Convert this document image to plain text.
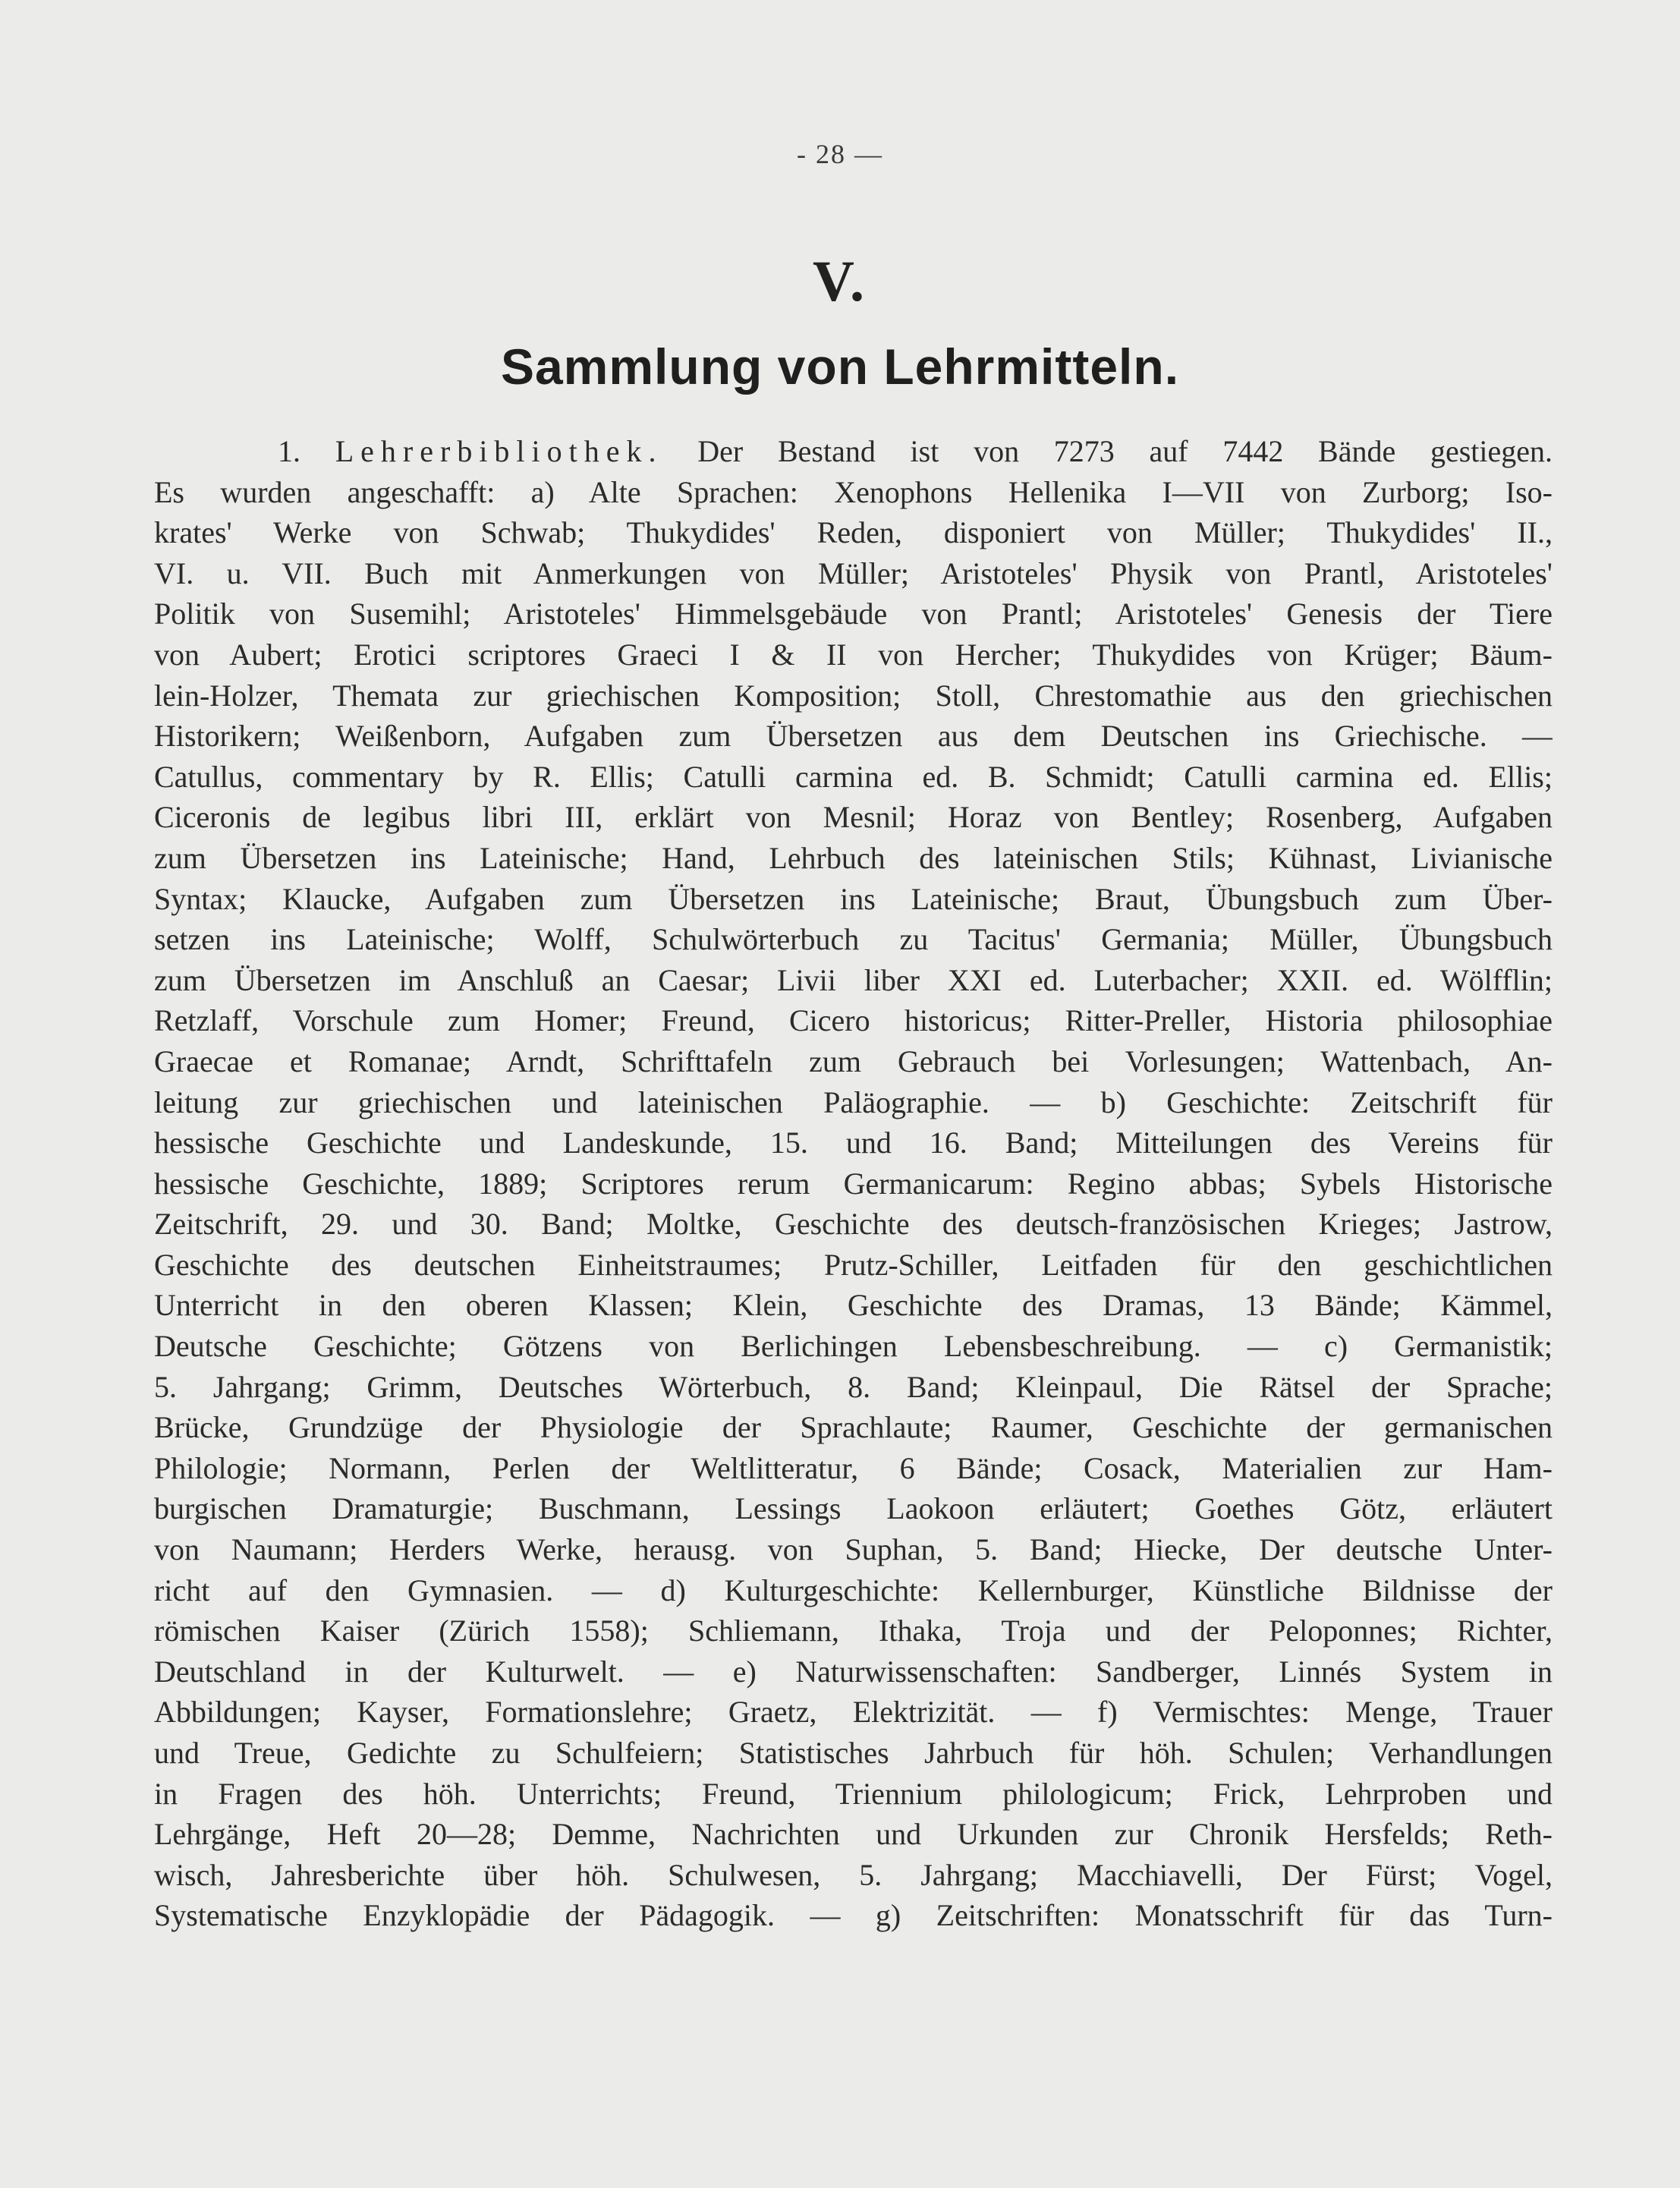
- 28 —
V.
Sammlung von Lehrmitteln.
1. Lehrerbibliothek. Der Bestand ist von 7273 auf 7442 Bände gestiegen.
Es wurden angeschafft: a) Alte Sprachen: Xenophons Hellenika I—VII von Zurborg; Iso-
krates' Werke von Schwab; Thukydides' Reden, disponiert von Müller; Thukydides' II.,
VI. u. VII. Buch mit Anmerkungen von Müller; Aristoteles' Physik von Prantl, Aristoteles'
Politik von Susemihl; Aristoteles' Himmelsgebäude von Prantl; Aristoteles' Genesis der Tiere
von Aubert; Erotici scriptores Graeci I & II von Hercher; Thukydides von Krüger; Bäum-
lein-Holzer, Themata zur griechischen Komposition; Stoll, Chrestomathie aus den griechischen
Historikern; Weißenborn, Aufgaben zum Übersetzen aus dem Deutschen ins Griechische. —
Catullus, commentary by R. Ellis; Catulli carmina ed. B. Schmidt; Catulli carmina ed. Ellis;
Ciceronis de legibus libri III, erklärt von Mesnil; Horaz von Bentley; Rosenberg, Aufgaben
zum Übersetzen ins Lateinische; Hand, Lehrbuch des lateinischen Stils; Kühnast, Livianische
Syntax; Klaucke, Aufgaben zum Übersetzen ins Lateinische; Braut, Übungsbuch zum Über-
setzen ins Lateinische; Wolff, Schulwörterbuch zu Tacitus' Germania; Müller, Übungsbuch
zum Übersetzen im Anschluß an Caesar; Livii liber XXI ed. Luterbacher; XXII. ed. Wölfflin;
Retzlaff, Vorschule zum Homer; Freund, Cicero historicus; Ritter-Preller, Historia philosophiae
Graecae et Romanae; Arndt, Schrifttafeln zum Gebrauch bei Vorlesungen; Wattenbach, An-
leitung zur griechischen und lateinischen Paläographie. — b) Geschichte: Zeitschrift für
hessische Geschichte und Landeskunde, 15. und 16. Band; Mitteilungen des Vereins für
hessische Geschichte, 1889; Scriptores rerum Germanicarum: Regino abbas; Sybels Historische
Zeitschrift, 29. und 30. Band; Moltke, Geschichte des deutsch-französischen Krieges; Jastrow,
Geschichte des deutschen Einheitstraumes; Prutz-Schiller, Leitfaden für den geschichtlichen
Unterricht in den oberen Klassen; Klein, Geschichte des Dramas, 13 Bände; Kämmel,
Deutsche Geschichte; Götzens von Berlichingen Lebensbeschreibung. — c) Germanistik;
5. Jahrgang; Grimm, Deutsches Wörterbuch, 8. Band; Kleinpaul, Die Rätsel der Sprache;
Brücke, Grundzüge der Physiologie der Sprachlaute; Raumer, Geschichte der germanischen
Philologie; Normann, Perlen der Weltlitteratur, 6 Bände; Cosack, Materialien zur Ham-
burgischen Dramaturgie; Buschmann, Lessings Laokoon erläutert; Goethes Götz, erläutert
von Naumann; Herders Werke, herausg. von Suphan, 5. Band; Hiecke, Der deutsche Unter-
richt auf den Gymnasien. — d) Kulturgeschichte: Kellernburger, Künstliche Bildnisse der
römischen Kaiser (Zürich 1558); Schliemann, Ithaka, Troja und der Peloponnes; Richter,
Deutschland in der Kulturwelt. — e) Naturwissenschaften: Sandberger, Linnés System in
Abbildungen; Kayser, Formationslehre; Graetz, Elektrizität. — f) Vermischtes: Menge, Trauer
und Treue, Gedichte zu Schulfeiern; Statistisches Jahrbuch für höh. Schulen; Verhandlungen
in Fragen des höh. Unterrichts; Freund, Triennium philologicum; Frick, Lehrproben und
Lehrgänge, Heft 20—28; Demme, Nachrichten und Urkunden zur Chronik Hersfelds; Reth-
wisch, Jahresberichte über höh. Schulwesen, 5. Jahrgang; Macchiavelli, Der Fürst; Vogel,
Systematische Enzyklopädie der Pädagogik. — g) Zeitschriften: Monatsschrift für das Turn-
